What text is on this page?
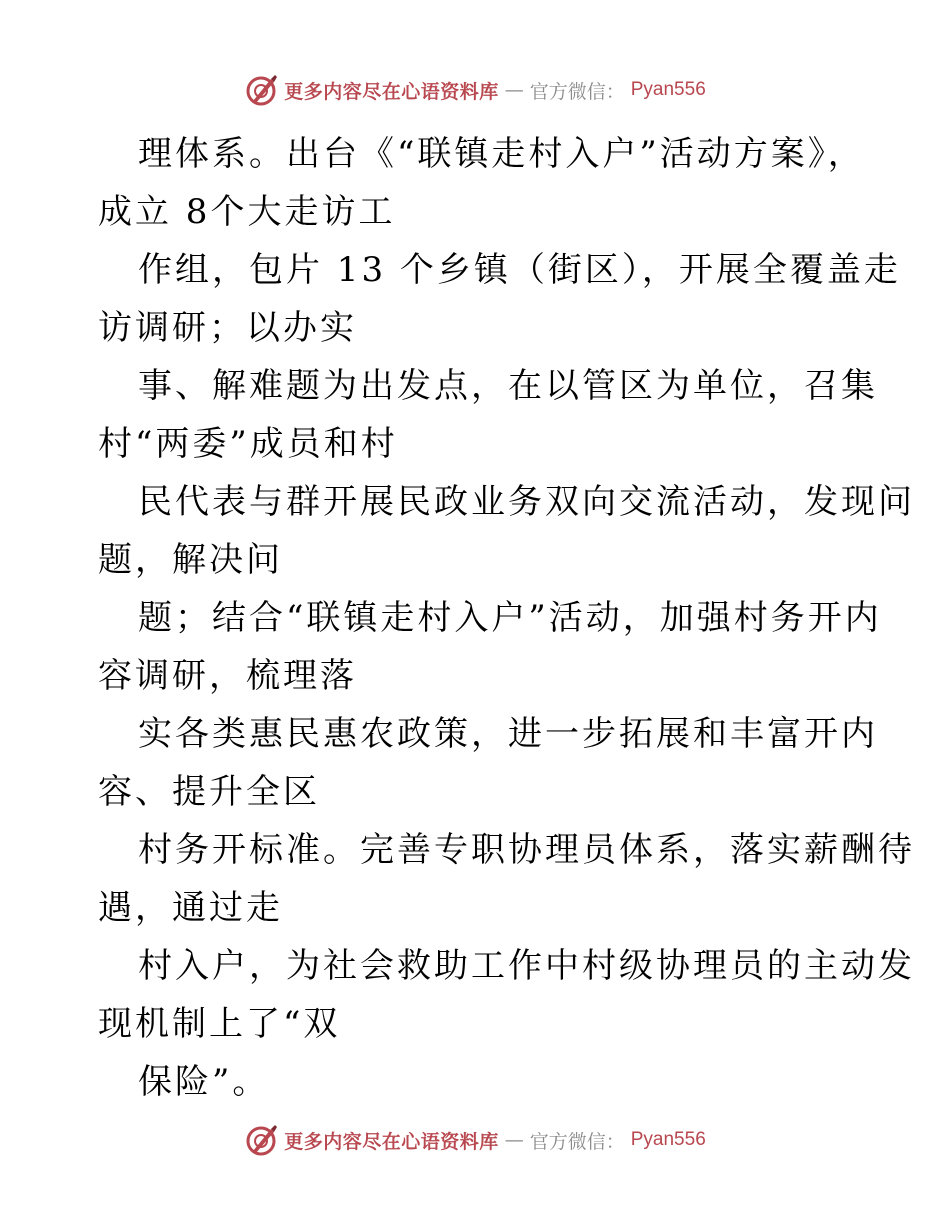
更多内容尽在心语资料库 — 官方微信： Pyan556

理体系。出台《“联镇走村入户”活动方案》，
成立 8个大走访工

作组，包片 13 个乡镇（街区），开展全覆盖走
访调研；以办实

事、解难题为出发点，在以管区为单位，召集
村“两委”成员和村

民代表与群开展民政业务双向交流活动，发现问
题，解决问

题；结合“联镇走村入户”活动，加强村务开内
容调研，梳理落

实各类惠民惠农政策，进一步拓展和丰富开内
容、提升全区

村务开标准。完善专职协理员体系，落实薪酬待
遇，通过走

村入户，为社会救助工作中村级协理员的主动发
现机制上了“双

保险”。

更多内容尽在心语资料库 — 官方微信： Pyan556
